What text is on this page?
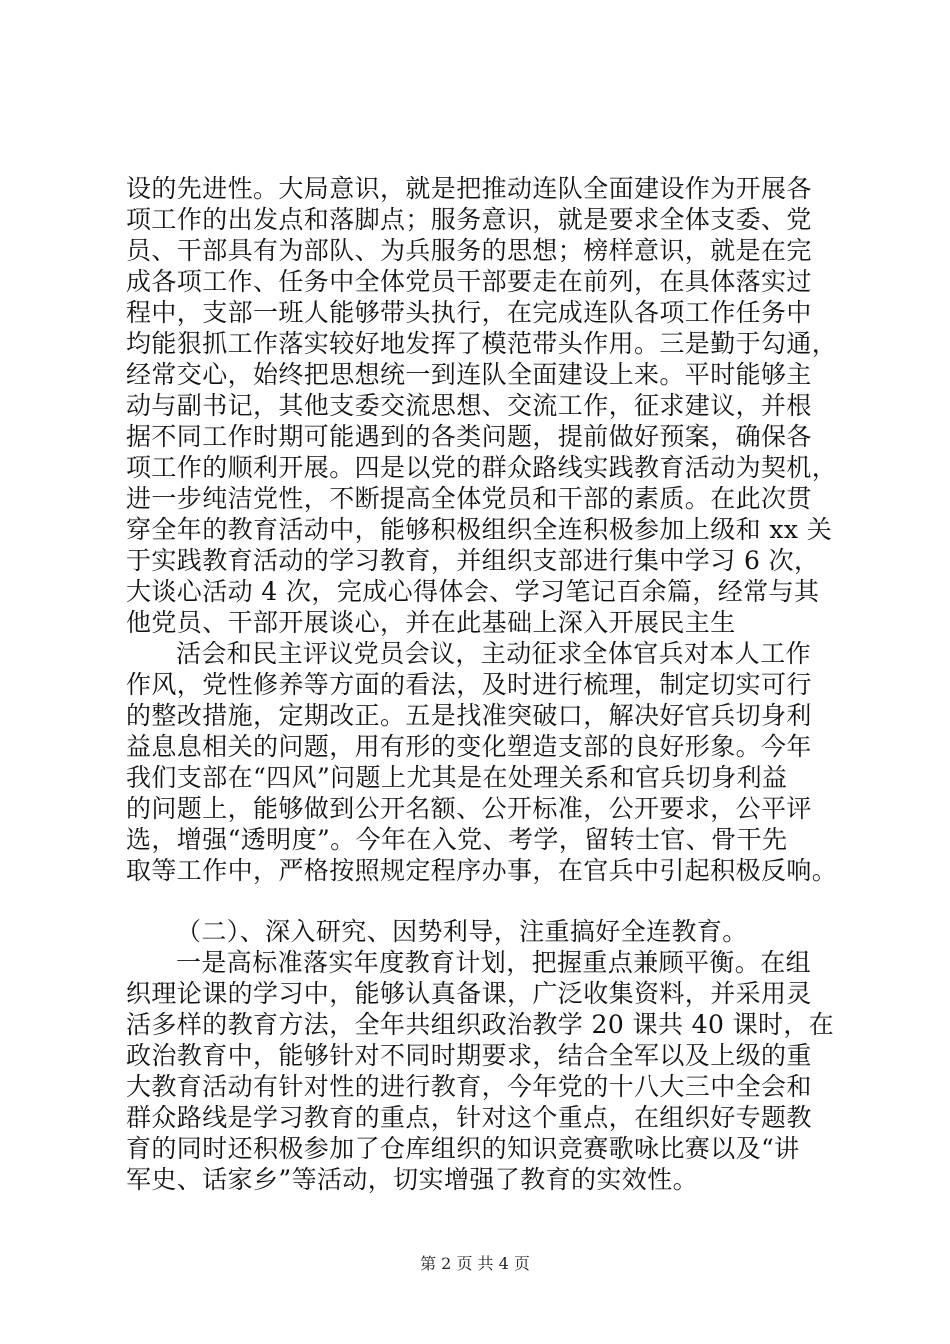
设的先进性。大局意识，就是把推动连队全面建设作为开展各
项工作的出发点和落脚点；服务意识，就是要求全体支委、党
员、干部具有为部队、为兵服务的思想；榜样意识，就是在完
成各项工作、任务中全体党员干部要走在前列，在具体落实过
程中，支部一班人能够带头执行，在完成连队各项工作任务中
均能狠抓工作落实较好地发挥了模范带头作用。三是勤于勾通，
经常交心，始终把思想统一到连队全面建设上来。平时能够主
动与副书记，其他支委交流思想、交流工作，征求建议，并根
据不同工作时期可能遇到的各类问题，提前做好预案，确保各
项工作的顺利开展。四是以党的群众路线实践教育活动为契机，
进一步纯洁党性，不断提高全体党员和干部的素质。在此次贯
穿全年的教育活动中，能够积极组织全连积极参加上级和 xx 关
于实践教育活动的学习教育，并组织支部进行集中学习 6 次，
大谈心活动 4 次，完成心得体会、学习笔记百余篇，经常与其
他党员、干部开展谈心，并在此基础上深入开展民主生
活会和民主评议党员会议，主动征求全体官兵对本人工作
作风，党性修养等方面的看法，及时进行梳理，制定切实可行
的整改措施，定期改正。五是找准突破口，解决好官兵切身利
益息息相关的问题，用有形的变化塑造支部的良好形象。今年
我们支部在“四风”问题上尤其是在处理关系和官兵切身利益
的问题上，能够做到公开名额、公开标准，公开要求，公平评
选，增强“透明度”。今年在入党、考学，留转士官、骨干先
取等工作中，严格按照规定程序办事，在官兵中引起积极反响。
（二）、深入研究、因势利导，注重搞好全连教育。
一是高标准落实年度教育计划，把握重点兼顾平衡。在组
织理论课的学习中，能够认真备课，广泛收集资料，并采用灵
活多样的教育方法，全年共组织政治教学 20 课共 40 课时，在
政治教育中，能够针对不同时期要求，结合全军以及上级的重
大教育活动有针对性的进行教育，今年党的十八大三中全会和
群众路线是学习教育的重点，针对这个重点，在组织好专题教
育的同时还积极参加了仓库组织的知识竞赛歌咏比赛以及“讲
军史、话家乡”等活动，切实增强了教育的实效性。
第 2 页 共 4 页
